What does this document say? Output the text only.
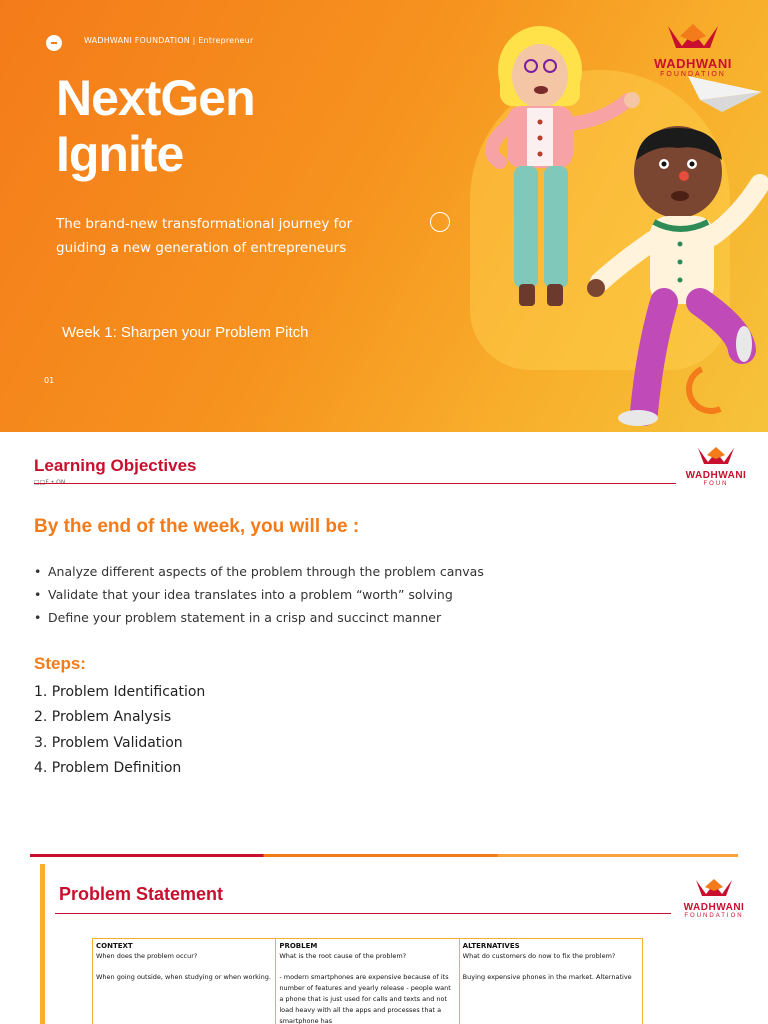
WADHWANI FOUNDATION | Entrepreneur
NextGen Ignite
The brand-new transformational journey for guiding a new generation of entrepreneurs
Week 1: Sharpen your Problem Pitch
01
WADHWANI
FOUNDATION
Learning Objectives
WADHWANI
FOUN
By the end of the week, you will be :
• Analyze different aspects of the problem through the problem canvas
• Validate that your idea translates into a problem “worth” solving
• Define your problem statement in a crisp and succinct manner
Steps:
1. Problem Identification
2. Problem Analysis
3. Problem Validation
4. Problem Definition
Problem Statement
WADHWANI
FOUNDATION
CONTEXT
When does the problem occur?
When going outside, when studying or when working.
PROBLEM
What is the root cause of the problem?
- modern smartphones are expensive because of its number of features and yearly release - people want a phone that is just used for calls and texts and not load heavy with all the apps and processes that a smartphone has
ALTERNATIVES
What do customers do now to fix the problem?
Buying expensive phones in the market. Alternative
